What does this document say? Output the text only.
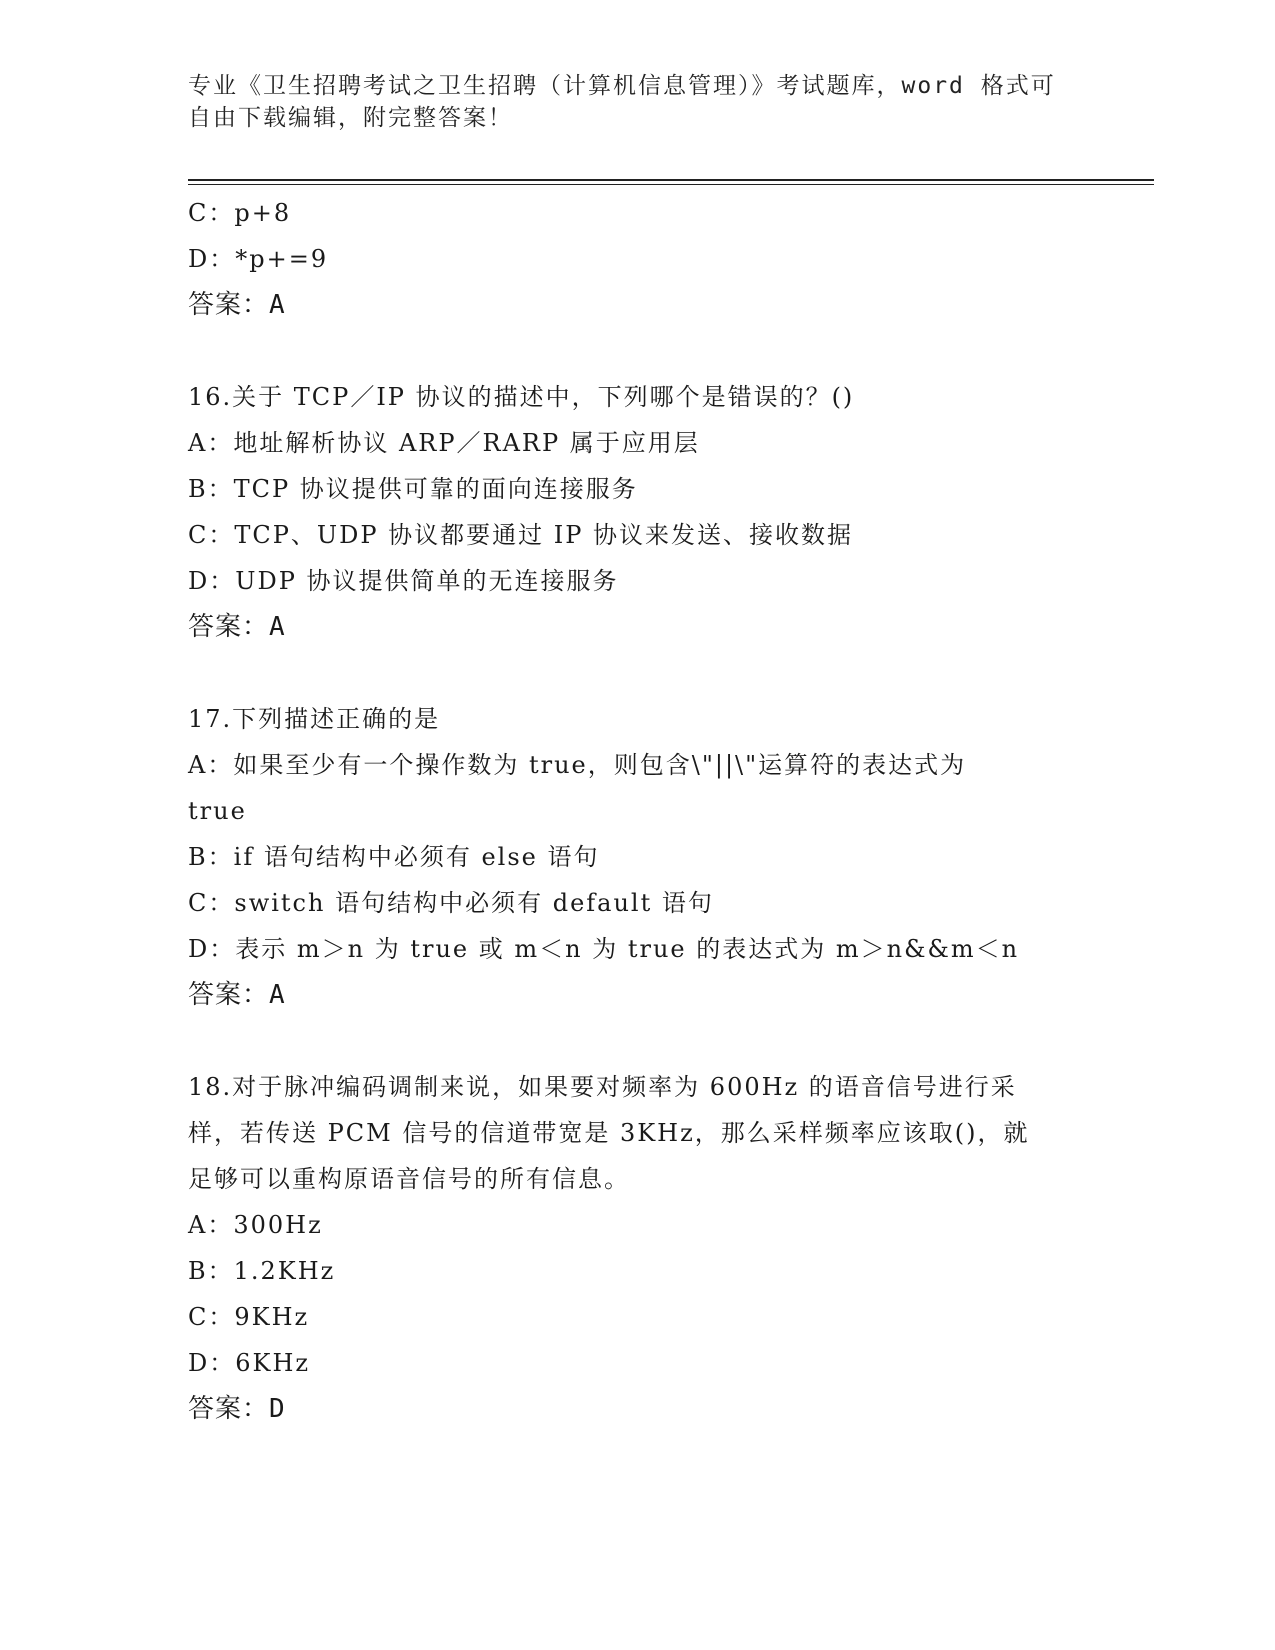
专业《卫生招聘考试之卫生招聘（计算机信息管理）》考试题库，word 格式可自由下载编辑，附完整答案！
C：p+8
D：*p+=9
答案：A
16.关于 TCP／IP 协议的描述中，下列哪个是错误的？()
A：地址解析协议 ARP／RARP 属于应用层
B：TCP 协议提供可靠的面向连接服务
C：TCP、UDP 协议都要通过 IP 协议来发送、接收数据
D：UDP 协议提供简单的无连接服务
答案：A
17.下列描述正确的是
A：如果至少有一个操作数为 true，则包含\"||\"运算符的表达式为 true
B：if 语句结构中必须有 else 语句
C：switch 语句结构中必须有 default 语句
D：表示 m＞n 为 true 或 m＜n 为 true 的表达式为 m＞n&&m＜n
答案：A
18.对于脉冲编码调制来说，如果要对频率为 600Hz 的语音信号进行采样，若传送 PCM 信号的信道带宽是 3KHz，那么采样频率应该取()，就足够可以重构原语音信号的所有信息。
A：300Hz
B：1.2KHz
C：9KHz
D：6KHz
答案：D
